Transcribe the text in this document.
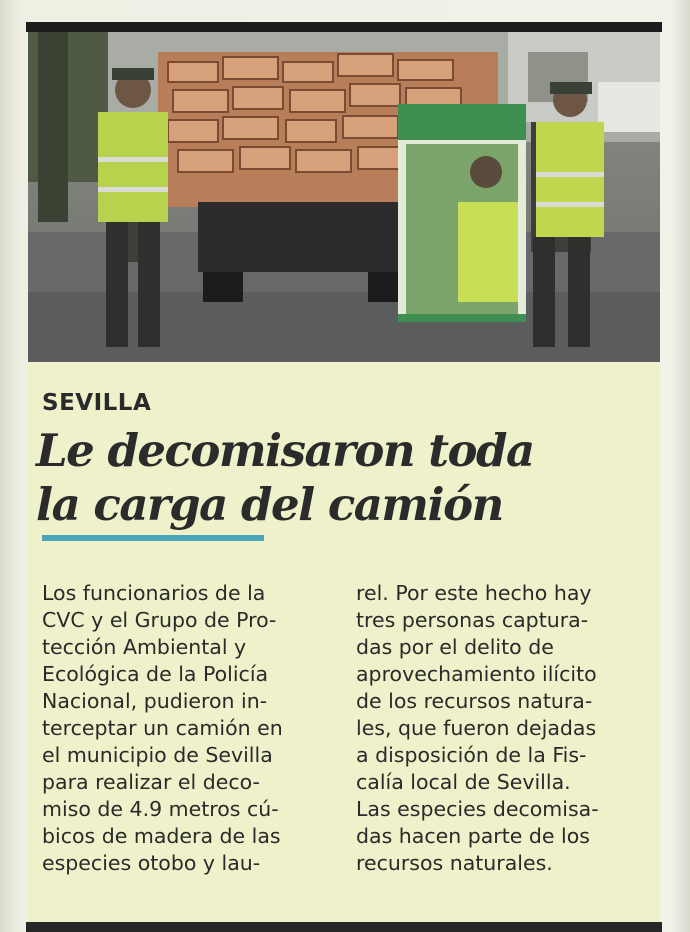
SEVILLA
Le decomisaron toda
la carga del camión

Los funcionarios de la
CVC y el Grupo de Pro-
tección Ambiental y
Ecológica de la Policía
Nacional, pudieron in-
terceptar un camión en
el municipio de Sevilla
para realizar el deco-
miso de 4.9 metros cú-
bicos de madera de las
especies otobo y lau-

rel. Por este hecho hay
tres personas captura-
das por el delito de
aprovechamiento ilícito
de los recursos natura-
les, que fueron dejadas
a disposición de la Fis-
calía local de Sevilla.
Las especies decomisa-
das hacen parte de los
recursos naturales.
